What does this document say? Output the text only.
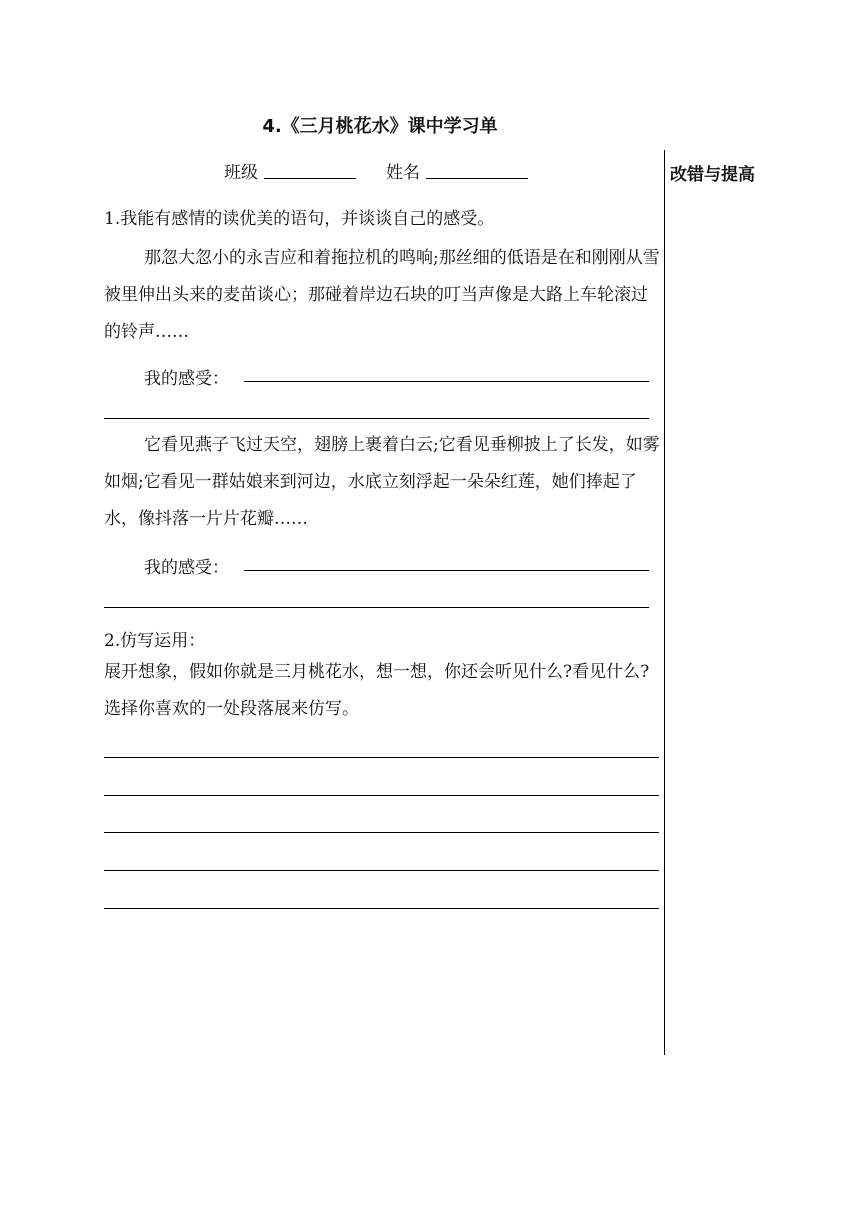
4.《三月桃花水》课中学习单
改错与提高
班级	姓名
1.我能有感情的读优美的语句，并谈谈自己的感受。
那忽大忽小的永吉应和着拖拉机的鸣响;那丝细的低语是在和刚刚从雪被里伸出头来的麦苗谈心；那碰着岸边石块的叮当声像是大路上车轮滚过的铃声……
我的感受：
它看见燕子飞过天空，翅膀上裹着白云;它看见垂柳披上了长发，如雾如烟;它看见一群姑娘来到河边，水底立刻浮起一朵朵红莲，她们捧起了水，像抖落一片片花瓣……
我的感受：
2.仿写运用：
展开想象，假如你就是三月桃花水，想一想，你还会听见什么?看见什么?选择你喜欢的一处段落展来仿写。
